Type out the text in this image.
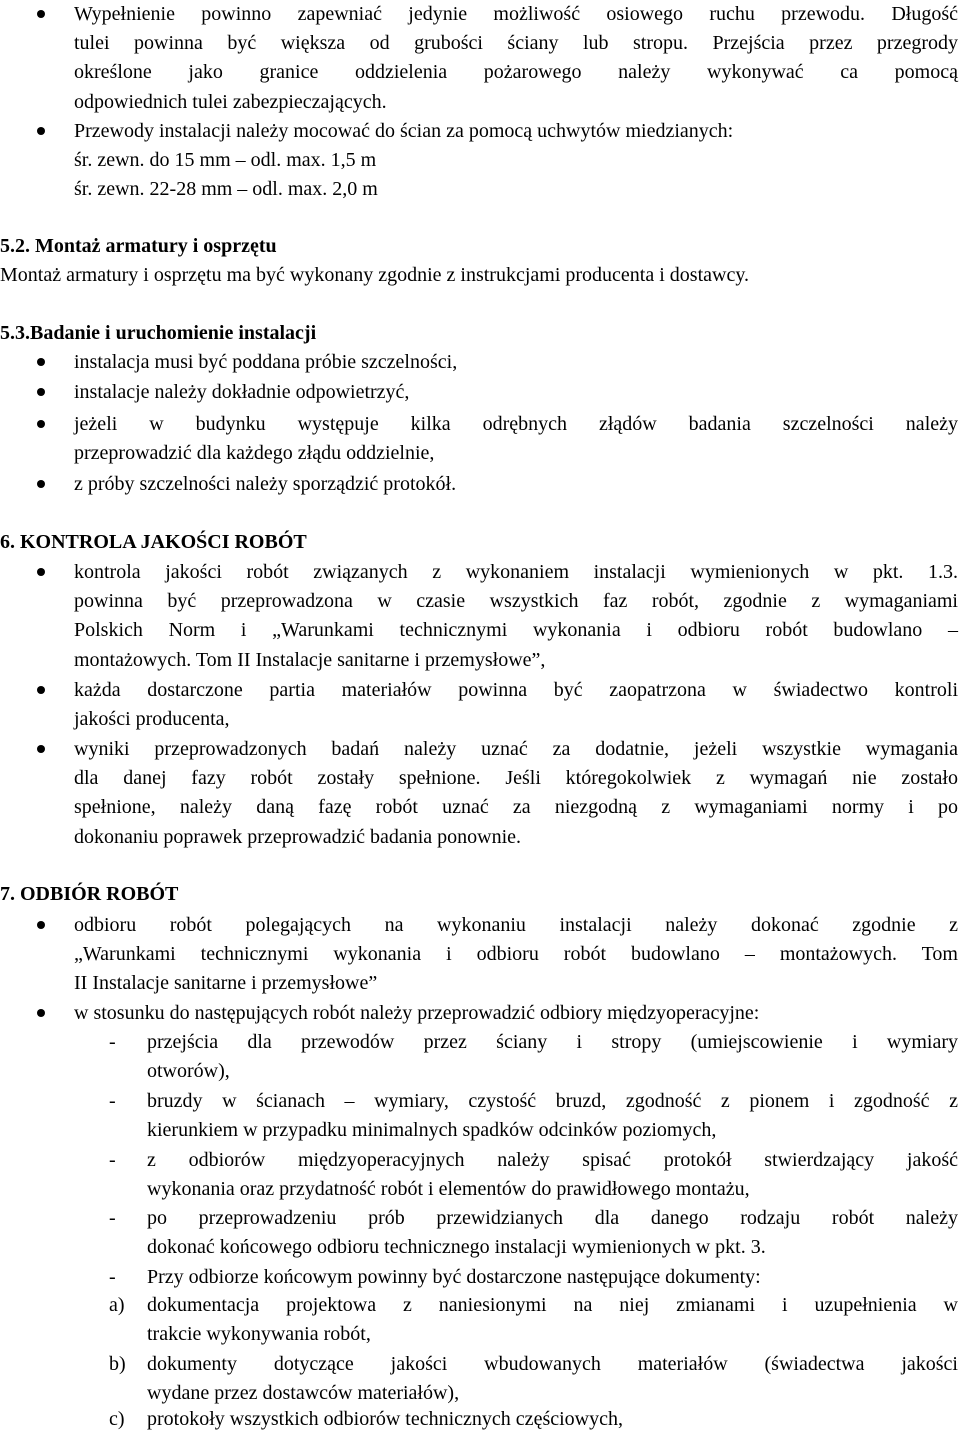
Wypełnienie powinno zapewniać jedynie możliwość osiowego ruchu przewodu. Długość
tulei powinna być większa od grubości ściany lub stropu. Przejścia przez przegrody
określone jako granice oddzielenia pożarowego należy wykonywać ca pomocą
odpowiednich tulei zabezpieczających.
Przewody instalacji należy mocować do ścian za pomocą uchwytów miedzianych:
śr. zewn. do 15 mm – odl. max. 1,5 m
śr. zewn. 22-28 mm – odl. max. 2,0 m
5.2. Montaż armatury i osprzętu
Montaż armatury i osprzętu ma być wykonany zgodnie z instrukcjami producenta i dostawcy.
5.3.Badanie i uruchomienie instalacji
instalacja musi być poddana próbie szczelności,
instalacje należy dokładnie odpowietrzyć,
jeżeli w budynku występuje kilka odrębnych złądów badania szczelności należy
przeprowadzić dla każdego złądu oddzielnie,
z próby szczelności należy sporządzić protokół.
6. KONTROLA JAKOŚCI ROBÓT
kontrola jakości robót związanych z wykonaniem instalacji wymienionych w pkt. 1.3.
powinna być przeprowadzona w czasie wszystkich faz robót, zgodnie z wymaganiami
Polskich Norm i „Warunkami technicznymi wykonania i odbioru robót budowlano –
montażowych. Tom II Instalacje sanitarne i przemysłowe”,
każda dostarczone partia materiałów powinna być zaopatrzona w świadectwo kontroli
jakości producenta,
wyniki przeprowadzonych badań należy uznać za dodatnie, jeżeli wszystkie wymagania
dla danej fazy robót zostały spełnione. Jeśli któregokolwiek z wymagań nie zostało
spełnione, należy daną fazę robót uznać za niezgodną z wymaganiami normy i po
dokonaniu poprawek przeprowadzić badania ponownie.
7. ODBIÓR ROBÓT
odbioru robót polegających na wykonaniu instalacji należy dokonać zgodnie z
„Warunkami technicznymi wykonania i odbioru robót budowlano – montażowych. Tom
II Instalacje sanitarne i przemysłowe”
w stosunku do następujących robót należy przeprowadzić odbiory międzyoperacyjne:
- przejścia dla przewodów przez ściany i stropy (umiejscowienie i wymiary
otworów),
- bruzdy w ścianach – wymiary, czystość bruzd, zgodność z pionem i zgodność z
kierunkiem w przypadku minimalnych spadków odcinków poziomych,
- z odbiorów międzyoperacyjnych należy spisać protokół stwierdzający jakość
wykonania oraz przydatność robót i elementów do prawidłowego montażu,
- po przeprowadzeniu prób przewidzianych dla danego rodzaju robót należy
dokonać końcowego odbioru technicznego instalacji wymienionych w pkt. 3.
- Przy odbiorze końcowym powinny być dostarczone następujące dokumenty:
a) dokumentacja projektowa z naniesionymi na niej zmianami i uzupełnienia w
trakcie wykonywania robót,
b) dokumenty dotyczące jakości wbudowanych materiałów (świadectwa jakości
wydane przez dostawców materiałów),
c) protokoły wszystkich odbiorów technicznych częściowych,
